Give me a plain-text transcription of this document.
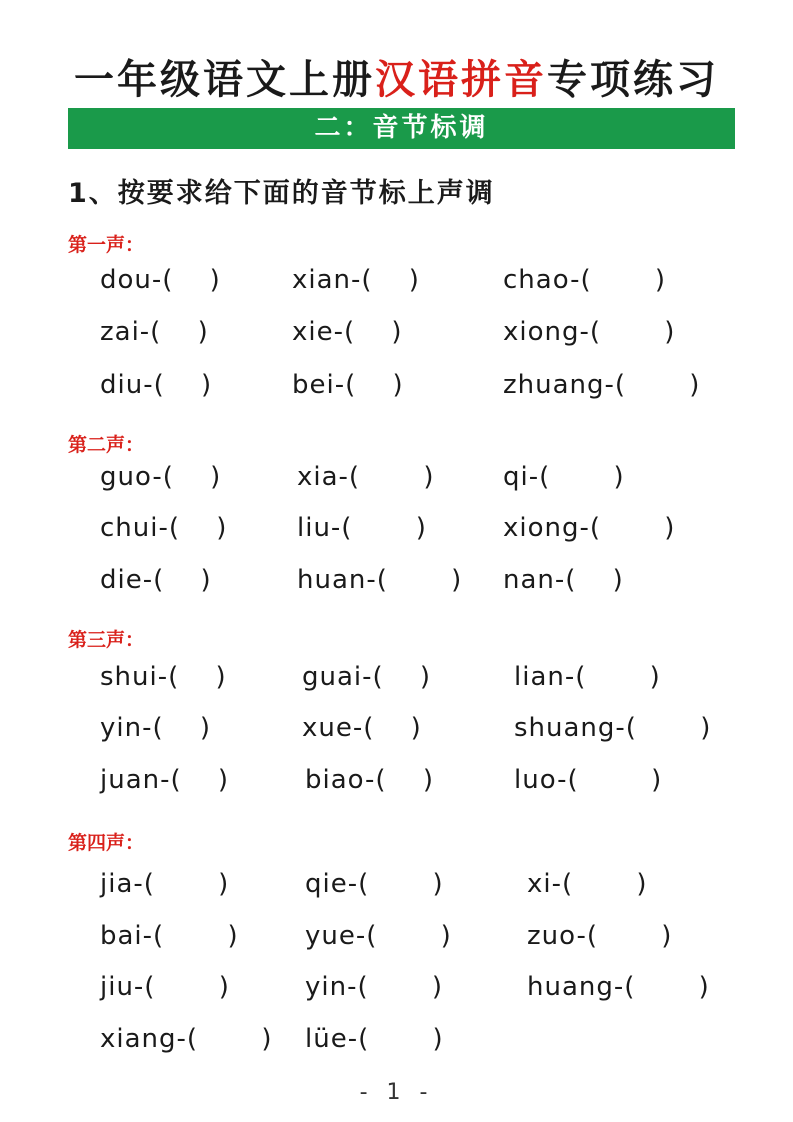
一年级语文上册汉语拼音专项练习
二：音节标调
1、按要求给下面的音节标上声调
第一声：
dou-(　 )	xian-(　 )	chao-(　 　)
zai-(　 )	xie-(　 )	xiong-(　 　)
diu-(　 )	bei-(　 )	zhuang-(　 　)
第二声：
guo-(　 )	xia-(　 　)	qi-(　 　)
chui-(　 )	liu-(　 　)	xiong-(　 　)
die-(　 )	huan-(　 　) nan-(　 )
第三声：
shui-(　 )	guai-(　 )	lian-(　 　)
yin-(　 )	xue-(　 )	shuang-(　 　)
juan-(　 )	biao-(　 )	luo-(　 　 )
第四声：
jia-(　 　)	qie-(　 　)	xi-(　 　)
bai-(　 　)	yue-(　 　)	zuo-(　 　)
jiu-(　 　)	yin-(　 　)	huang-(　 　)
xiang-(　 　) lüe-(　 　)
- 1 -
